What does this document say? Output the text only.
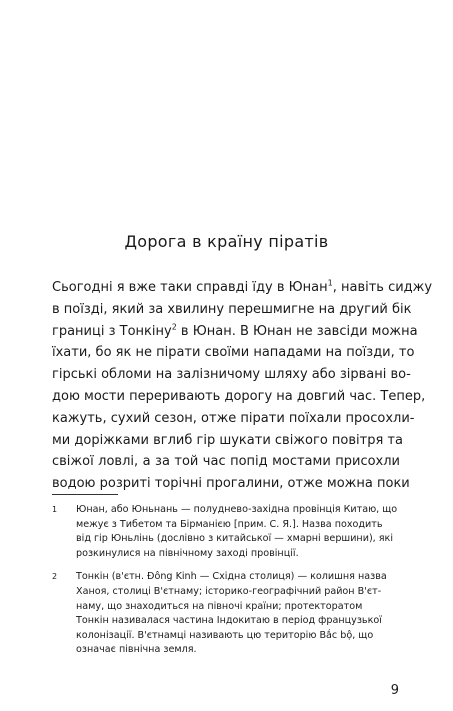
Дорога в країну піратів
Сьогодні я вже таки справді їду в Юнан$^1$, навіть сиджу
в поїзді, який за хвилину перешмигне на другий бік
границі з Тонкіну$^2$ в Юнан. В Юнан не завсіди можна
їхати, бо як не пірати своїми нападами на поїзди, то
гірські обломи на залізничому шляху або зірвані во-
дою мости переривають дорогу на довгий час. Тепер,
кажуть, сухий сезон, отже пірати поїхали просохли-
ми доріжками вглиб гір шукати свіжого повітря та
свіжої ловлі, а за той час попід мостами присохли
водою розриті торічні прогалини, отже можна поки
1 Юнан, або Юньнань — полудневo-західна провінція Китаю, що
межує з Тибетом та Бірманією [прим. С. Я.]. Назва походить
від гір Юньлінь (дослівно з китайської — хмарні вершини), які
розкинулися на північному заході провінції.
2 Тонкін (в'єтн. Đông Kinh — Східна столиця) — колишня назва
Ханоя, столиці В'єтнаму; історико-географічний район В'єт-
наму, що знаходиться на півночі країни; протекторатом
Тонкін називалася частина Індокитаю в період французької
колонізації. В'єтнамці називають цю територію Bắc bộ, що
означає північна земля.
9
